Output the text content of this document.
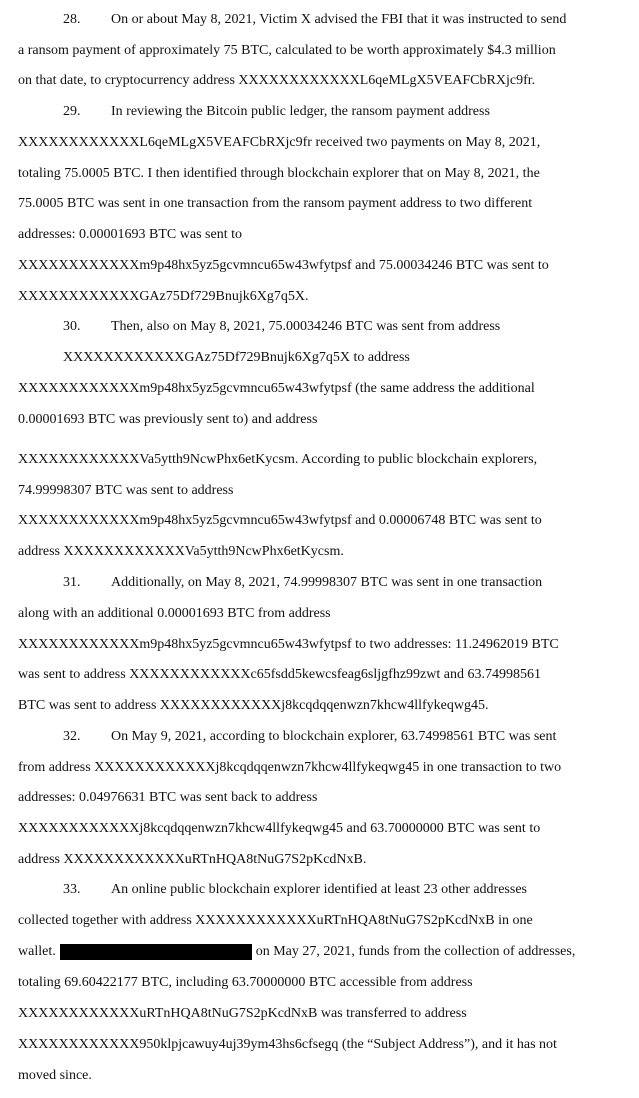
28. On or about May 8, 2021, Victim X advised the FBI that it was instructed to send
a ransom payment of approximately 75 BTC, calculated to be worth approximately $4.3 million
on that date, to cryptocurrency address XXXXXXXXXXXXL6qeMLgX5VEAFCbRXjc9fr.
29. In reviewing the Bitcoin public ledger, the ransom payment address
XXXXXXXXXXXXL6qeMLgX5VEAFCbRXjc9fr received two payments on May 8, 2021,
totaling 75.0005 BTC. I then identified through blockchain explorer that on May 8, 2021, the
75.0005 BTC was sent in one transaction from the ransom payment address to two different
addresses: 0.00001693 BTC was sent to
XXXXXXXXXXXXm9p48hx5yz5gcvmncu65w43wfytpsf and 75.00034246 BTC was sent to
XXXXXXXXXXXXGAz75Df729Bnujk6Xg7q5X.
30. Then, also on May 8, 2021, 75.00034246 BTC was sent from address
XXXXXXXXXXXXGAz75Df729Bnujk6Xg7q5X to address
XXXXXXXXXXXXm9p48hx5yz5gcvmncu65w43wfytpsf (the same address the additional
0.00001693 BTC was previously sent to) and address
XXXXXXXXXXXXVa5ytth9NcwPhx6etKycsm. According to public blockchain explorers,
74.99998307 BTC was sent to address
XXXXXXXXXXXXm9p48hx5yz5gcvmncu65w43wfytpsf and 0.00006748 BTC was sent to
address XXXXXXXXXXXXVa5ytth9NcwPhx6etKycsm.
31. Additionally, on May 8, 2021, 74.99998307 BTC was sent in one transaction
along with an additional 0.00001693 BTC from address
XXXXXXXXXXXXm9p48hx5yz5gcvmncu65w43wfytpsf to two addresses: 11.24962019 BTC
was sent to address XXXXXXXXXXXXc65fsdd5kewcsfeag6sljgfhz99zwt and 63.74998561
BTC was sent to address XXXXXXXXXXXXj8kcqdqqenwzn7khcw4llfykeqwg45.
32. On May 9, 2021, according to blockchain explorer, 63.74998561 BTC was sent
from address XXXXXXXXXXXXj8kcqdqqenwzn7khcw4llfykeqwg45 in one transaction to two
addresses: 0.04976631 BTC was sent back to address
XXXXXXXXXXXXj8kcqdqqenwzn7khcw4llfykeqwg45 and 63.70000000 BTC was sent to
address XXXXXXXXXXXXuRTnHQA8tNuG7S2pKcdNxB.
33. An online public blockchain explorer identified at least 23 other addresses
collected together with address XXXXXXXXXXXXuRTnHQA8tNuG7S2pKcdNxB in one
wallet.	on May 27, 2021, funds from the collection of addresses,
totaling 69.60422177 BTC, including 63.70000000 BTC accessible from address
XXXXXXXXXXXXuRTnHQA8tNuG7S2pKcdNxB was transferred to address
XXXXXXXXXXXX950klpjcawuy4uj39ym43hs6cfsegq (the “Subject Address”), and it has not
moved since.
